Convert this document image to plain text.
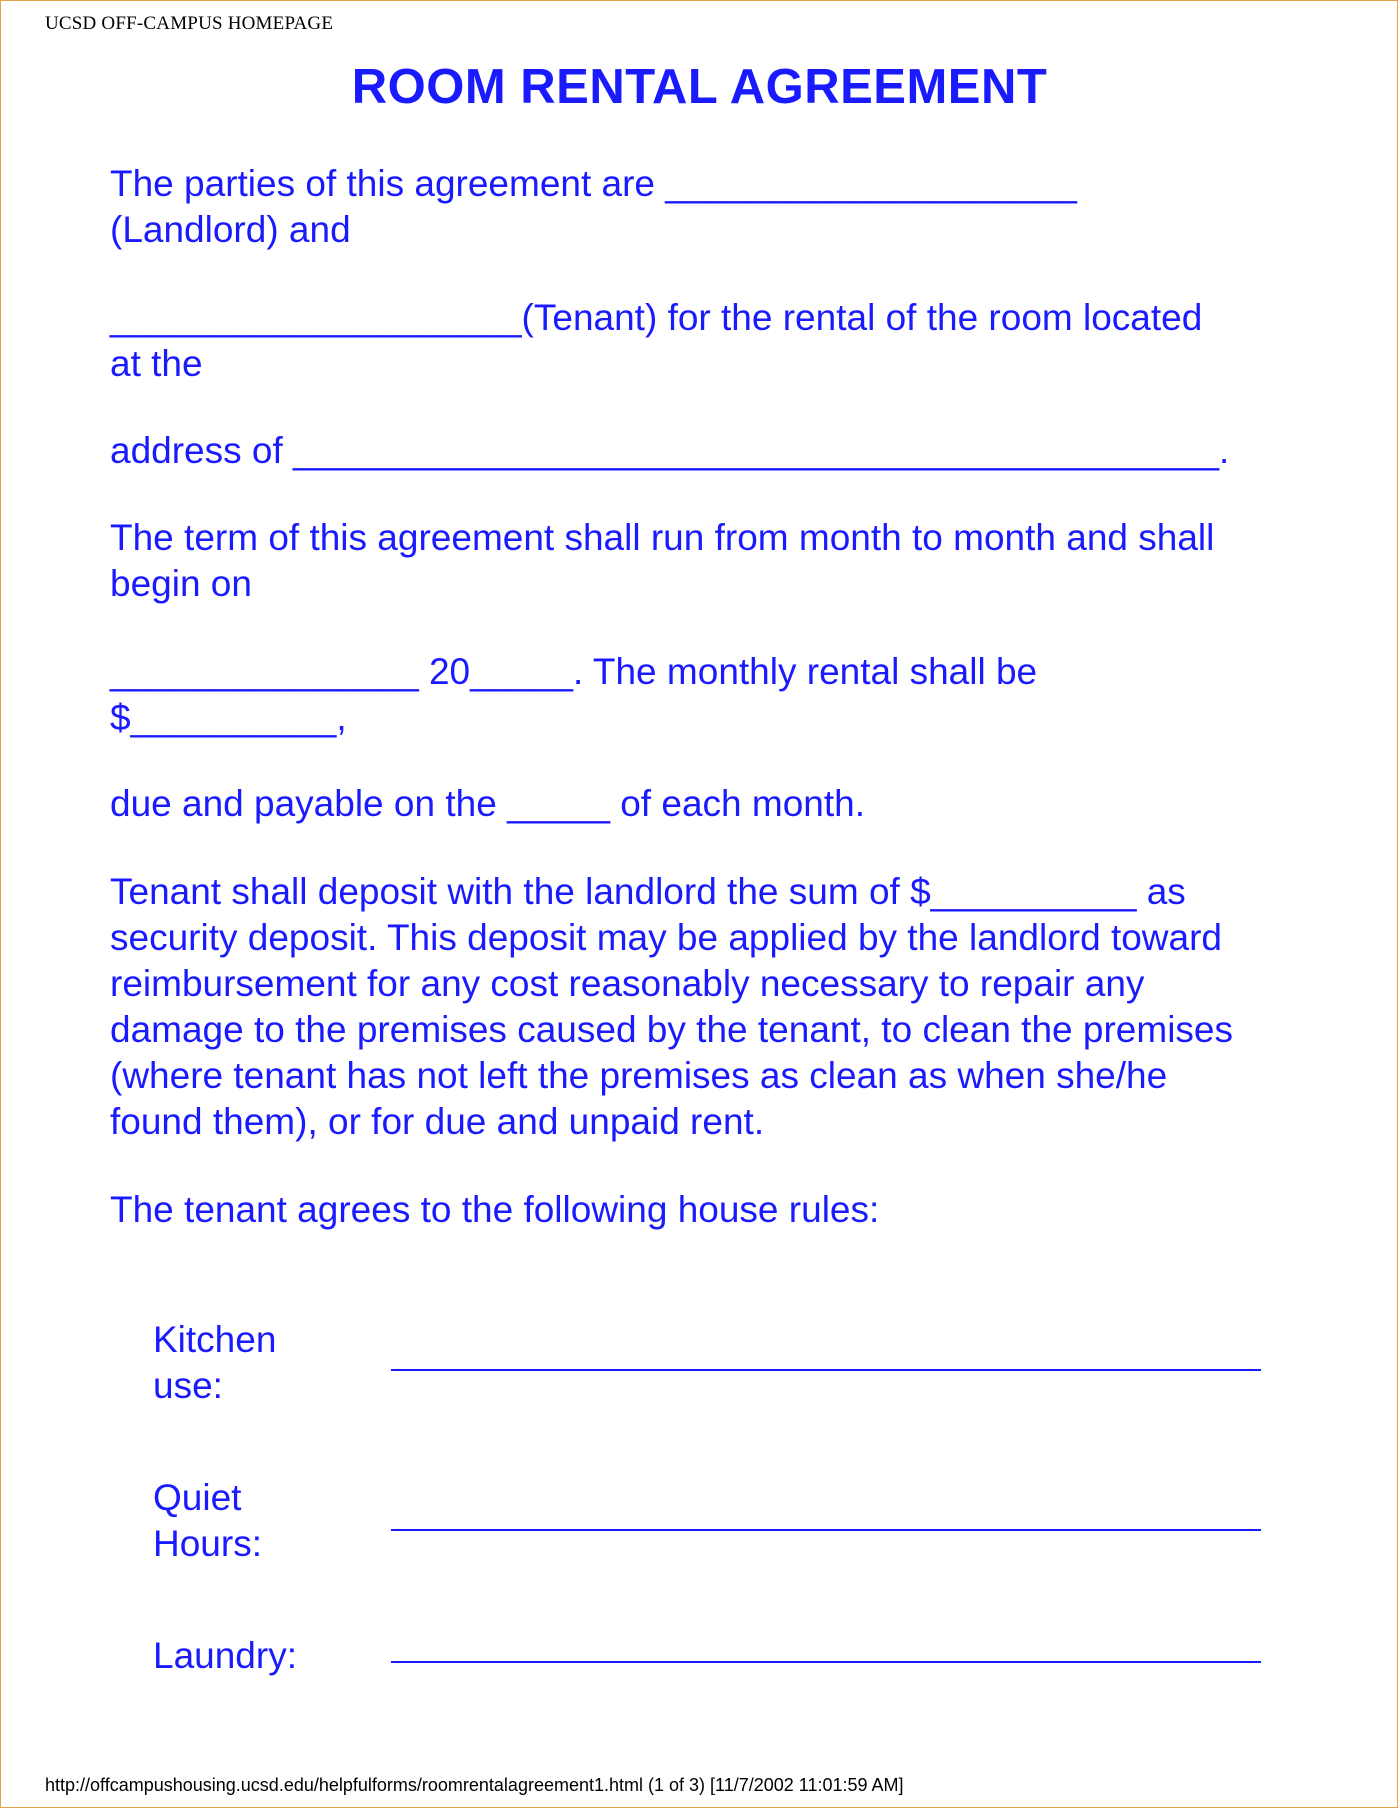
UCSD OFF-CAMPUS HOMEPAGE
ROOM RENTAL AGREEMENT
The parties of this agreement are ____________________
(Landlord) and
____________________(Tenant) for the rental of the room located
at the
address of _____________________________________________.
The term of this agreement shall run from month to month and shall
begin on
_______________ 20_____. The monthly rental shall be
$__________,
due and payable on the _____ of each month.
Tenant shall deposit with the landlord the sum of $__________ as
security deposit. This deposit may be applied by the landlord toward
reimbursement for any cost reasonably necessary to repair any
damage to the premises caused by the tenant, to clean the premises
(where tenant has not left the premises as clean as when she/he
found them), or for due and unpaid rent.
The tenant agrees to the following house rules:
Kitchen
use:
Quiet
Hours:
Laundry:
http://offcampushousing.ucsd.edu/helpfulforms/roomrentalagreement1.html (1 of 3) [11/7/2002 11:01:59 AM]
